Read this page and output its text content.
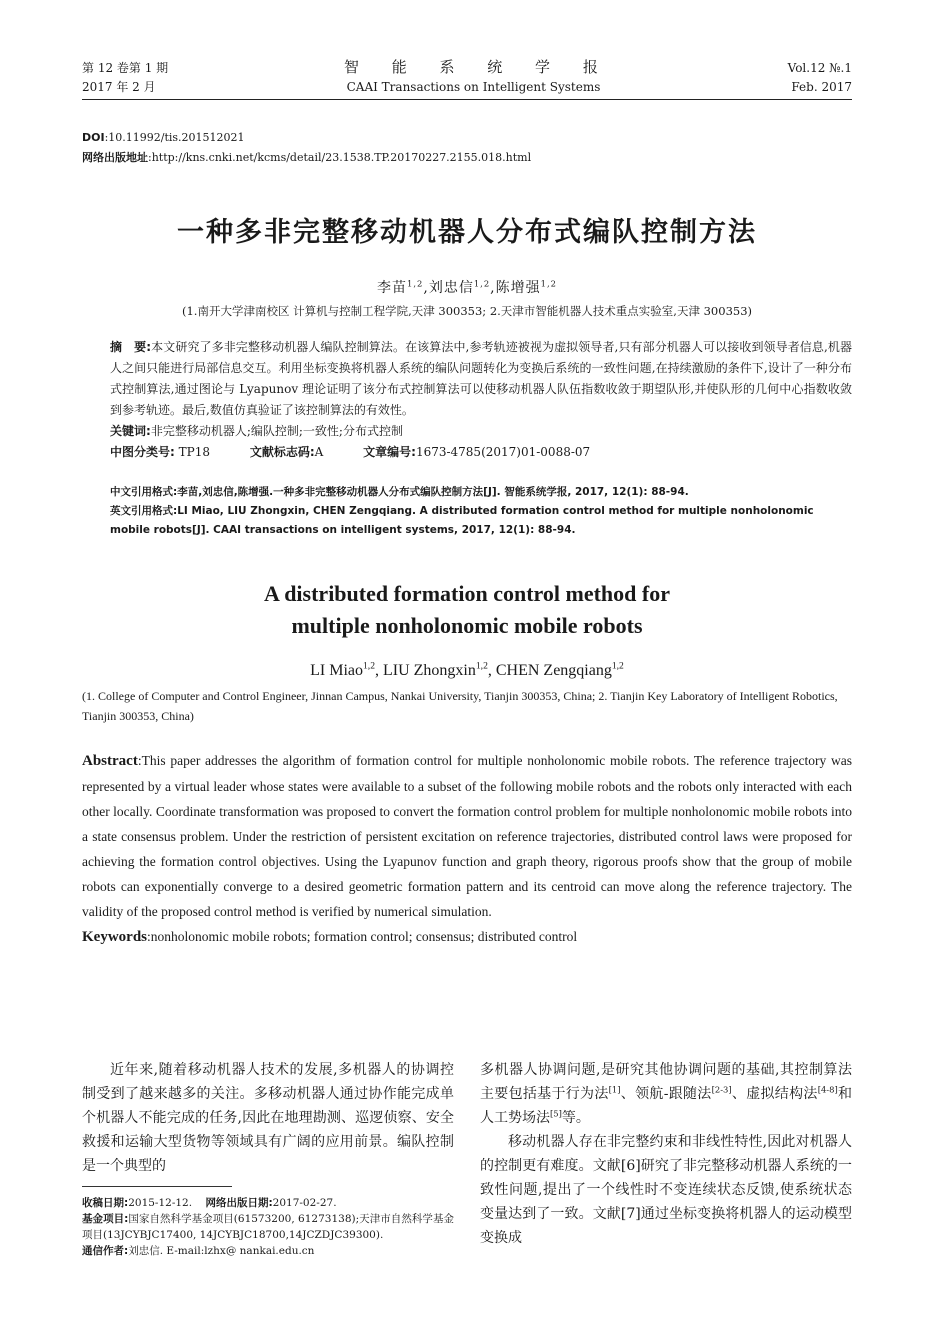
第 12 卷第 1 期	智 能 系 统 学 报	Vol.12 №.1
2017 年 2 月	CAAI Transactions on Intelligent Systems	Feb. 2017
DOI:10.11992/tis.201512021
网络出版地址:http://kns.cnki.net/kcms/detail/23.1538.TP.20170227.2155.018.html
一种多非完整移动机器人分布式编队控制方法
李苗$^{1,2}$,刘忠信$^{1,2}$,陈增强$^{1,2}$
(1.南开大学津南校区 计算机与控制工程学院,天津 300353; 2.天津市智能机器人技术重点实验室,天津 300353)
摘　要:本文研究了多非完整移动机器人编队控制算法。在该算法中,参考轨迹被视为虚拟领导者,只有部分机器人可以接收到领导者信息,机器人之间只能进行局部信息交互。利用坐标变换将机器人系统的编队问题转化为变换后系统的一致性问题,在持续激励的条件下,设计了一种分布式控制算法,通过图论与 Lyapunov 理论证明了该分布式控制算法可以使移动机器人队伍指数收敛于期望队形,并使队形的几何中心指数收敛到参考轨迹。最后,数值仿真验证了该控制算法的有效性。
关键词:非完整移动机器人;编队控制;一致性;分布式控制
中图分类号: TP18	文献标志码:A	文章编号:1673-4785(2017)01-0088-07
中文引用格式:李苗,刘忠信,陈增强.一种多非完整移动机器人分布式编队控制方法[J]. 智能系统学报, 2017, 12(1): 88-94.
英文引用格式:LI Miao, LIU Zhongxin, CHEN Zengqiang. A distributed formation control method for multiple nonholonomic mobile robots[J]. CAAI transactions on intelligent systems, 2017, 12(1): 88-94.
A distributed formation control method for
multiple nonholonomic mobile robots
LI Miao$^{1,2}$, LIU Zhongxin$^{1,2}$, CHEN Zengqiang$^{1,2}$
(1. College of Computer and Control Engineer, Jinnan Campus, Nankai University, Tianjin 300353, China; 2. Tianjin Key Laboratory of Intelligent Robotics, Tianjin 300353, China)
Abstract:This paper addresses the algorithm of formation control for multiple nonholonomic mobile robots. The reference trajectory was represented by a virtual leader whose states were available to a subset of the following mobile robots and the robots only interacted with each other locally. Coordinate transformation was proposed to convert the formation control problem for multiple nonholonomic mobile robots into a state consensus problem. Under the restriction of persistent excitation on reference trajectories, distributed control laws were proposed for achieving the formation control objectives. Using the Lyapunov function and graph theory, rigorous proofs show that the group of mobile robots can exponentially converge to a desired geometric formation pattern and its centroid can move along the reference trajectory. The validity of the proposed control method is verified by numerical simulation.
Keywords:nonholonomic mobile robots; formation control; consensus; distributed control

近年来,随着移动机器人技术的发展,多机器人的协调控制受到了越来越多的关注。多移动机器人通过协作能完成单个机器人不能完成的任务,因此在地理勘测、巡逻侦察、安全救援和运输大型货物等领域具有广阔的应用前景。编队控制是一个典型的

收稿日期:2015-12-12. 网络出版日期:2017-02-27.
基金项目:国家自然科学基金项目(61573200, 61273138);天津市自然科学基金项目(13JCYBJC17400, 14JCYBJC18700,14JCZDJC39300).
通信作者:刘忠信. E-mail:lzhx@ nankai.edu.cn

多机器人协调问题,是研究其他协调问题的基础,其控制算法主要包括基于行为法[1]、领航-跟随法[2-3]、虚拟结构法[4-8]和人工势场法[5]等。

移动机器人存在非完整约束和非线性特性,因此对机器人的控制更有难度。文献[6]研究了非完整移动机器人系统的一致性问题,提出了一个线性时不变连续状态反馈,使系统状态变量达到了一致。文献[7]通过坐标变换将机器人的运动模型变换成
